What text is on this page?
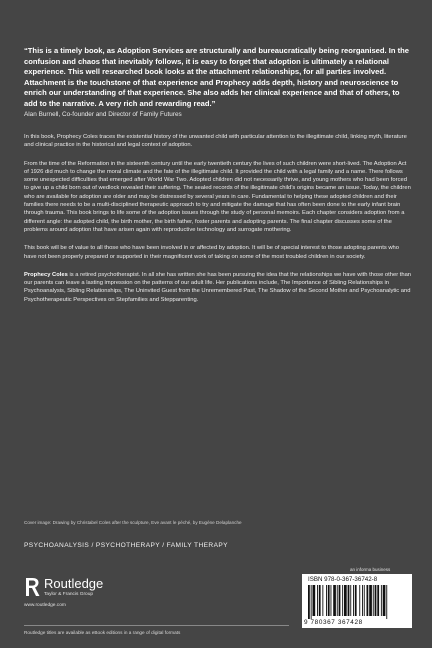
“This is a timely book, as Adoption Services are structurally and bureaucratically being reorganised. In the confusion and chaos that inevitably follows, it is easy to forget that adoption is ultimately a relational experience. This well researched book looks at the attachment relationships, for all parties involved. Attachment is the touchstone of that experience and Prophecy adds depth, history and neuroscience to enrich our understanding of that experience. She also adds her clinical experience and that of others, to add to the narrative. A very rich and rewarding read.”

Alan Burnell, Co-founder and Director of Family Futures

In this book, Prophecy Coles traces the existential history of the unwanted child with particular attention to the illegitimate child, linking myth, literature and clinical practice in the historical and legal context of adoption.

From the time of the Reformation in the sixteenth century until the early twentieth century the lives of such children were short-lived. The Adoption Act of 1926 did much to change the moral climate and the fate of the illegitimate child. It provided the child with a legal family and a name. There follows some unexpected difficulties that emerged after World War Two. Adopted children did not necessarily thrive, and young mothers who had been forced to give up a child born out of wedlock revealed their suffering. The sealed records of the illegitimate child’s origins became an issue. Today, the children who are available for adoption are older and may be distressed by several years in care. Fundamental to helping these adopted children and their families there needs to be a multi-disciplined therapeutic approach to try and mitigate the damage that has often been done to the early infant brain through trauma. This book brings to life some of the adoption issues through the study of personal memoirs. Each chapter considers adoption from a different angle: the adopted child, the birth mother, the birth father, foster parents and adopting parents. The final chapter discusses some of the problems around adoption that have arisen again with reproductive technology and surrogate mothering.

This book will be of value to all those who have been involved in or affected by adoption. It will be of special interest to those adopting parents who have not been properly prepared or supported in their magnificent work of taking on some of the most troubled children in our society.

Prophecy Coles is a retired psychotherapist. In all she has written she has been pursuing the idea that the relationships we have with those other than our parents can leave a lasting impression on the patterns of our adult life. Her publications include, The Importance of Sibling Relationships in Psychoanalysis, Sibling Relationships, The Uninvited Guest from the Unremembered Past, The Shadow of the Second Mother and Psychoanalytic and Psychotherapeutic Perspectives on Stepfamilies and Stepparenting.

Cover image: Drawing by Christabel Coles after the sculpture, Eve avant le péché, by Eugène Delaplanche
PSYCHOANALYSIS / PSYCHOTHERAPY / FAMILY THERAPY
Routledge
Taylor & Francis Group
www.routledge.com
an informa business
ISBN 978-0-367-36742-8
9 780367 367428
Routledge titles are available as eBook editions in a range of digital formats
